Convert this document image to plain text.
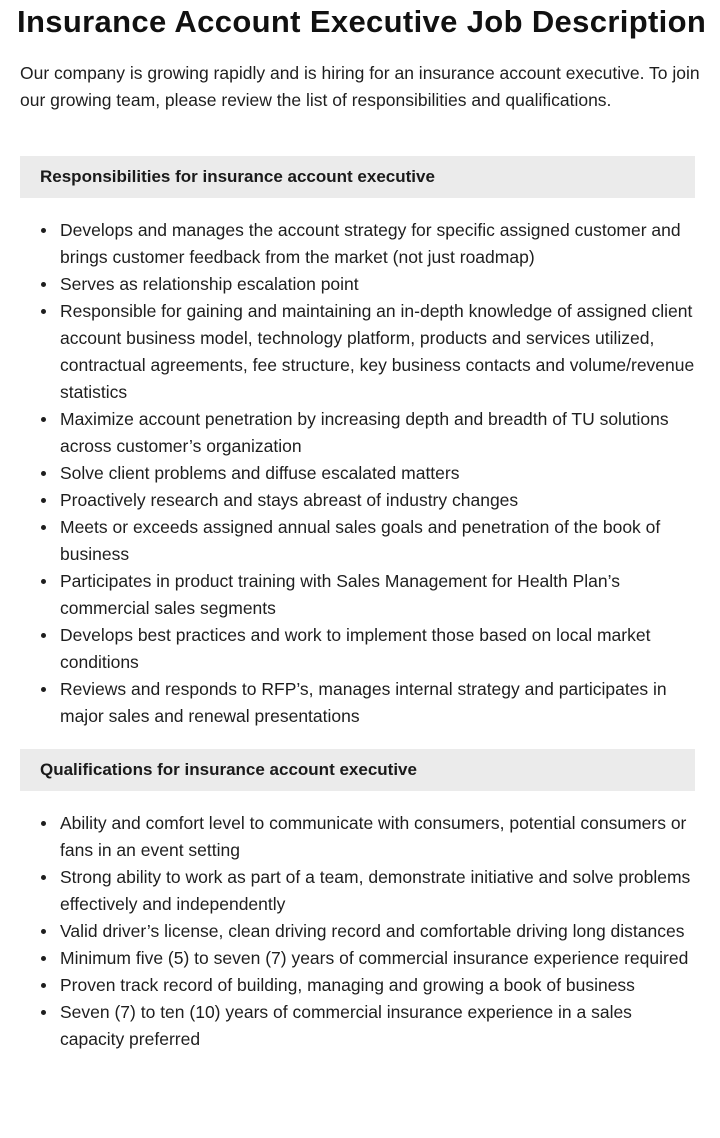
Insurance Account Executive Job Description

Our company is growing rapidly and is hiring for an insurance account executive. To join our growing team, please review the list of responsibilities and qualifications.

Responsibilities for insurance account executive
Develops and manages the account strategy for specific assigned customer and brings customer feedback from the market (not just roadmap)
Serves as relationship escalation point
Responsible for gaining and maintaining an in-depth knowledge of assigned client account business model, technology platform, products and services utilized, contractual agreements, fee structure, key business contacts and volume/revenue statistics
Maximize account penetration by increasing depth and breadth of TU solutions across customer’s organization
Solve client problems and diffuse escalated matters
Proactively research and stays abreast of industry changes
Meets or exceeds assigned annual sales goals and penetration of the book of business
Participates in product training with Sales Management for Health Plan’s commercial sales segments
Develops best practices and work to implement those based on local market conditions
Reviews and responds to RFP’s, manages internal strategy and participates in major sales and renewal presentations
Qualifications for insurance account executive
Ability and comfort level to communicate with consumers, potential consumers or fans in an event setting
Strong ability to work as part of a team, demonstrate initiative and solve problems effectively and independently
Valid driver’s license, clean driving record and comfortable driving long distances
Minimum five (5) to seven (7) years of commercial insurance experience required
Proven track record of building, managing and growing a book of business
Seven (7) to ten (10) years of commercial insurance experience in a sales capacity preferred
